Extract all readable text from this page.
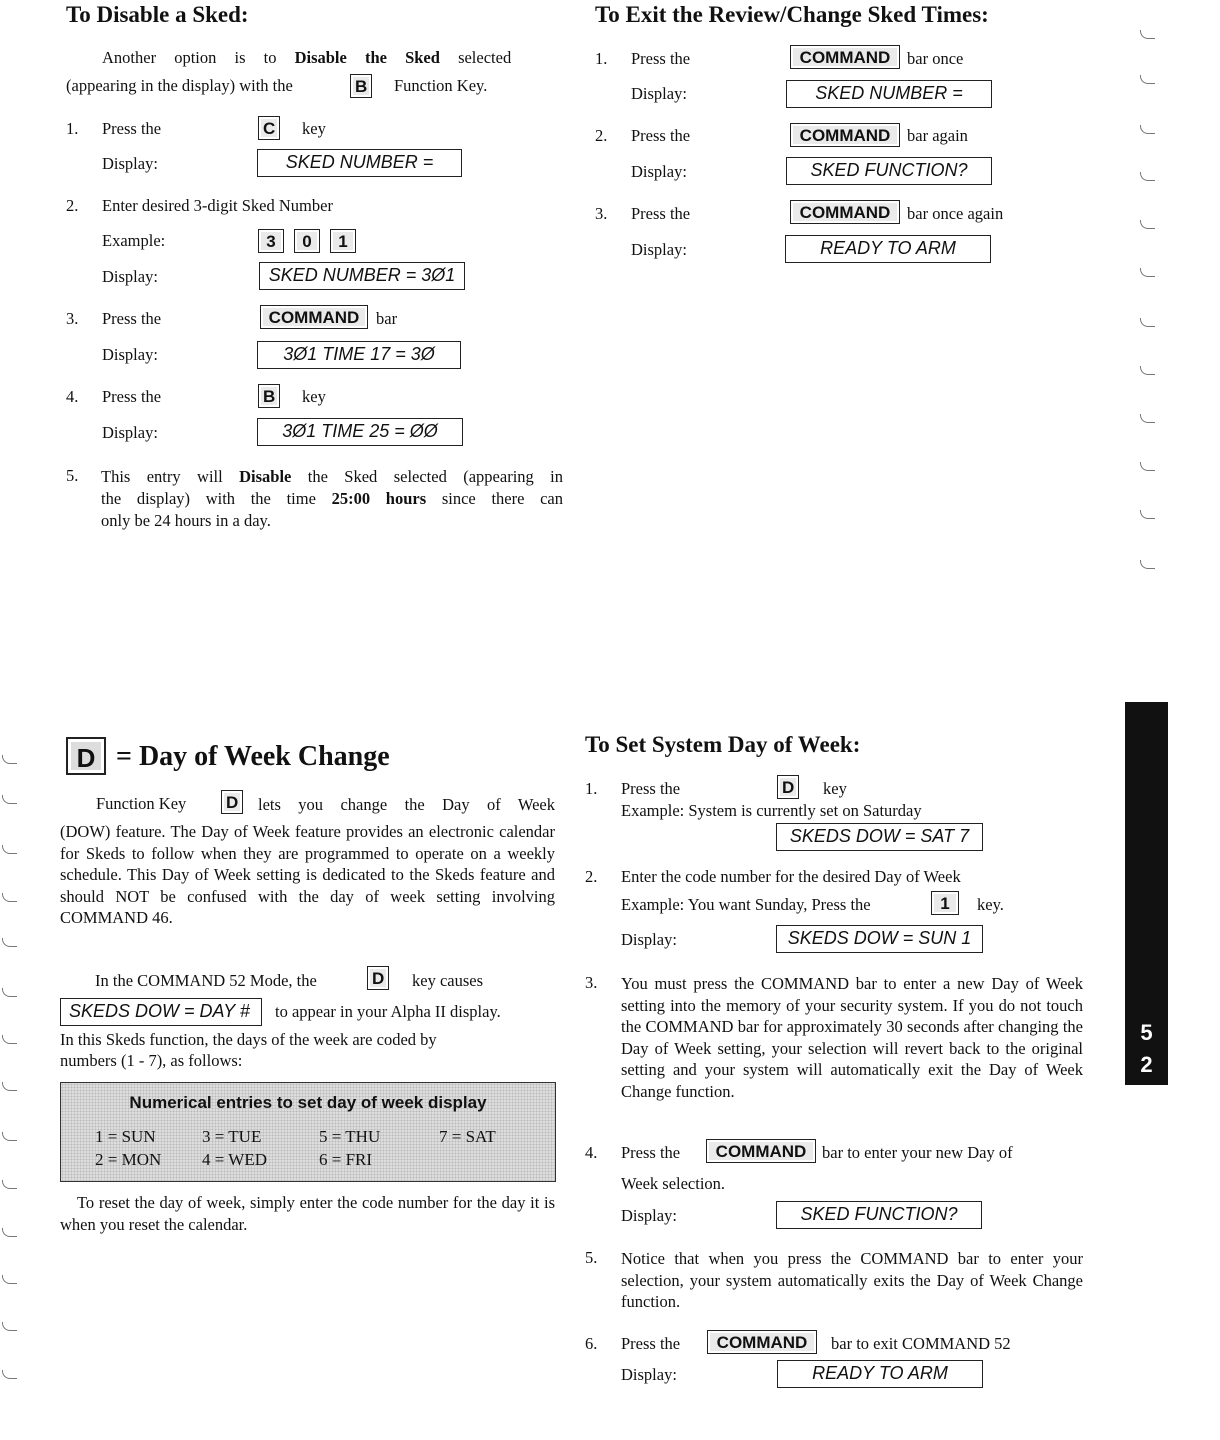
To Disable a Sked:
Another option is to Disable the Sked selected
(appearing in the display) with the	B	Function Key.
1. Press the	C	key
Display:	SKED NUMBER =
2. Enter desired 3-digit Sked Number
Example:	3	0	1
Display:	SKED NUMBER = 3Ø1
3. Press the	COMMAND	bar
Display:	3Ø1 TIME 17 = 3Ø
4. Press the	B	key
Display:	3Ø1 TIME 25 = ØØ
5. This entry will Disable the Sked selected (appearing in
the display) with the time 25:00 hours since there can
only be 24 hours in a day.
To Exit the Review/Change Sked Times:
1. Press the	COMMAND	bar once
Display:	SKED NUMBER =
2. Press the	COMMAND	bar again
Display:	SKED FUNCTION?
3. Press the	COMMAND	bar once again
Display:	READY TO ARM
D = Day of Week Change
Function Key D	lets you change the Day of Week
(DOW) feature. The Day of Week feature provides an electronic calendar for Skeds to follow when they are programmed to operate on a weekly schedule. This Day of Week setting is dedicated to the Skeds feature and should NOT be confused with the day of week setting involving COMMAND 46.
In the COMMAND 52 Mode, the	D	key causes
SKEDS DOW = DAY #	to appear in your Alpha II display.
In this Skeds function, the days of the week are coded by
numbers (1 - 7), as follows:
Numerical entries to set day of week display
1 = SUN	3 = TUE	5 = THU	7 = SAT
2 = MON 4 = WED	6 = FRI
To reset the day of week, simply enter the code number for the day it is when you reset the calendar.
To Set System Day of Week:
1. Press the	D	key
Example: System is currently set on Saturday
SKEDS DOW = SAT 7
2. Enter the code number for the desired Day of Week
Example: You want Sunday, Press the	1	key.
Display:	SKEDS DOW = SUN 1
3. You must press the COMMAND bar to enter a new Day of Week setting into the memory of your security system. If you do not touch the COMMAND bar for approximately 30 seconds after changing the Day of Week setting, your selection will revert back to the original setting and your system will automatically exit the Day of Week Change function.
4. Press the	COMMAND bar to enter your new Day of
Week selection.
Display:	SKED FUNCTION?
5. Notice that when you press the COMMAND bar to enter your selection, your system automatically exits the Day of Week Change function.
6. Press the	COMMAND	bar to exit COMMAND 52
Display:	READY TO ARM
5
2
